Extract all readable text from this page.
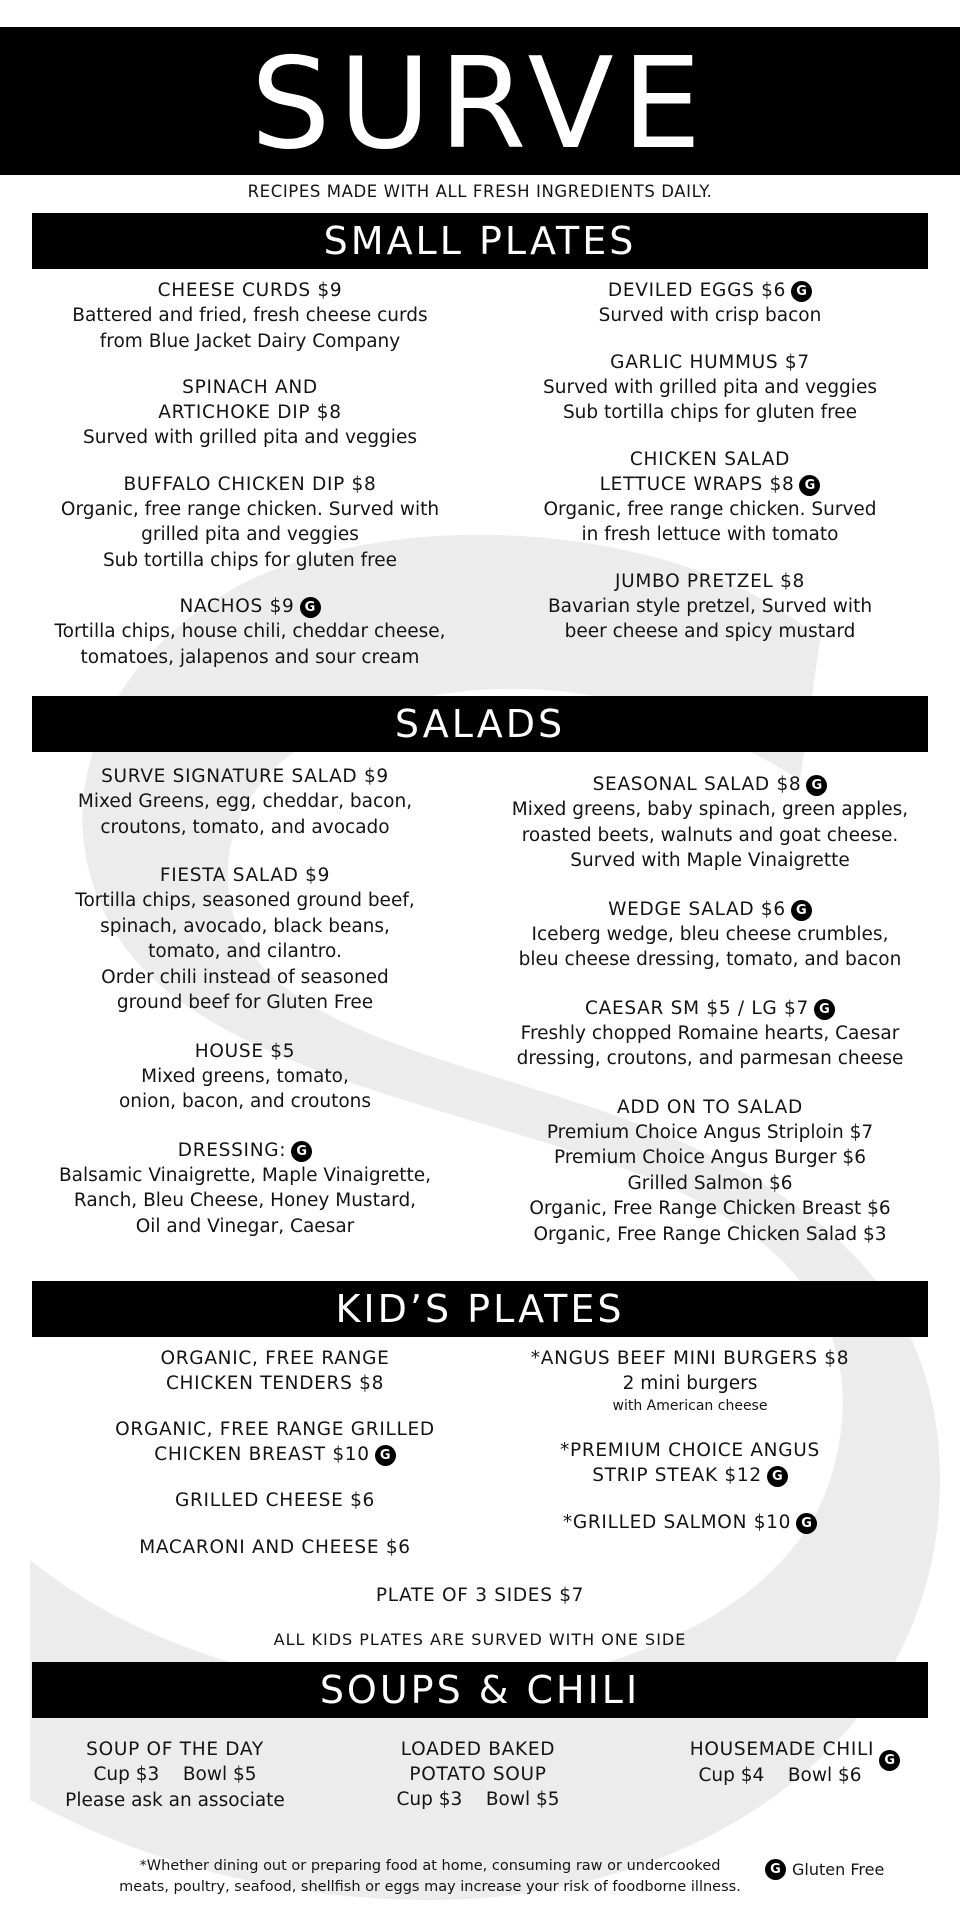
SURVE
RECIPES MADE WITH ALL FRESH INGREDIENTS DAILY.
SMALL PLATES
CHEESE CURDS $9
Battered and fried, fresh cheese curds
from Blue Jacket Dairy Company
SPINACH AND
ARTICHOKE DIP $8
Surved with grilled pita and veggies
BUFFALO CHICKEN DIP $8
Organic, free range chicken. Surved with
grilled pita and veggies
Sub tortilla chips for gluten free
NACHOS $9 G
Tortilla chips, house chili, cheddar cheese,
tomatoes, jalapenos and sour cream
DEVILED EGGS $6 G
Surved with crisp bacon
GARLIC HUMMUS $7
Surved with grilled pita and veggies
Sub tortilla chips for gluten free
CHICKEN SALAD
LETTUCE WRAPS $8 G
Organic, free range chicken. Surved
in fresh lettuce with tomato
JUMBO PRETZEL $8
Bavarian style pretzel, Surved with
beer cheese and spicy mustard
SALADS
SURVE SIGNATURE SALAD $9
Mixed Greens, egg, cheddar, bacon,
croutons, tomato, and avocado
FIESTA SALAD $9
Tortilla chips, seasoned ground beef,
spinach, avocado, black beans,
tomato, and cilantro.
Order chili instead of seasoned
ground beef for Gluten Free
HOUSE $5
Mixed greens, tomato,
onion, bacon, and croutons
DRESSING: G
Balsamic Vinaigrette, Maple Vinaigrette,
Ranch, Bleu Cheese, Honey Mustard,
Oil and Vinegar, Caesar
SEASONAL SALAD $8 G
Mixed greens, baby spinach, green apples,
roasted beets, walnuts and goat cheese.
Surved with Maple Vinaigrette
WEDGE SALAD $6 G
Iceberg wedge, bleu cheese crumbles,
bleu cheese dressing, tomato, and bacon
CAESAR SM $5 / LG $7 G
Freshly chopped Romaine hearts, Caesar
dressing, croutons, and parmesan cheese
ADD ON TO SALAD
Premium Choice Angus Striploin $7
Premium Choice Angus Burger $6
Grilled Salmon $6
Organic, Free Range Chicken Breast $6
Organic, Free Range Chicken Salad $3
KID’S PLATES
ORGANIC, FREE RANGE
CHICKEN TENDERS $8
ORGANIC, FREE RANGE GRILLED
CHICKEN BREAST $10 G
GRILLED CHEESE $6
MACARONI AND CHEESE $6
*ANGUS BEEF MINI BURGERS $8
2 mini burgers
with American cheese
*PREMIUM CHOICE ANGUS
STRIP STEAK $12 G
*GRILLED SALMON $10 G
PLATE OF 3 SIDES $7
ALL KIDS PLATES ARE SURVED WITH ONE SIDE
SOUPS & CHILI
SOUP OF THE DAY
Cup $3    Bowl $5
Please ask an associate
LOADED BAKED
POTATO SOUP
Cup $3    Bowl $5
HOUSEMADE CHILIG
Cup $4    Bowl $6
*Whether dining out or preparing food at home, consuming raw or undercooked
meats, poultry, seafood, shellfish or eggs may increase your risk of foodborne illness.
G Gluten Free
